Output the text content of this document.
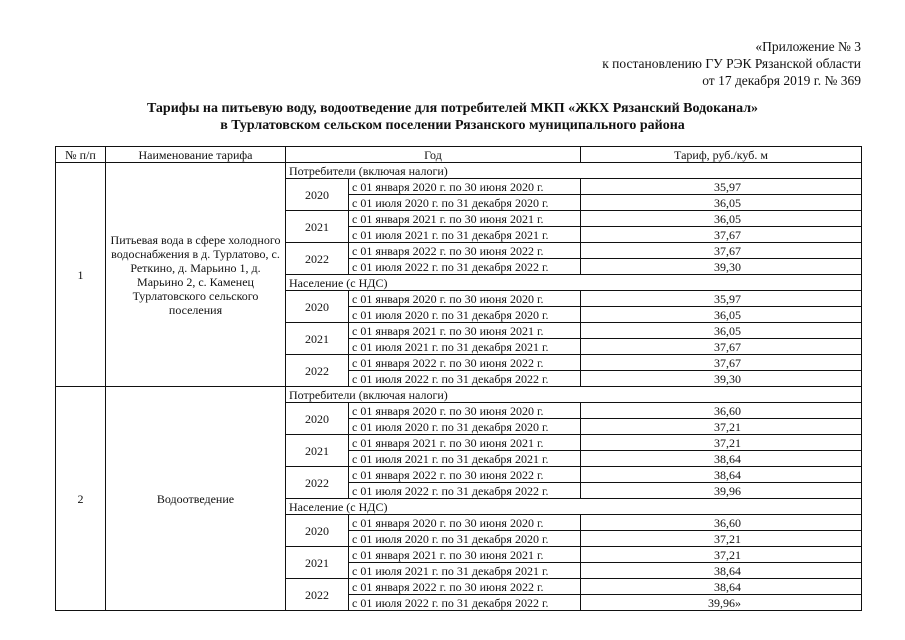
«Приложение № 3
к постановлению ГУ РЭК Рязанской области
от 17 декабря 2019 г. № 369
Тарифы на питьевую воду, водоотведение для потребителей МКП «ЖКХ Рязанский Водоканал»
в Турлатовском сельском поселении Рязанского муниципального района
№ п/п	Наименование тарифа	Год		Тариф, руб./куб. м
1	Питьевая вода в сфере холодного водоснабжения в д. Турлатово, с. Реткино, д. Марьино 1, д. Марьино 2, с. Каменец Турлатовского сельского поселения	Потребители (включая налоги)		
		2020	с 01 января 2020 г. по 30 июня 2020 г.	35,97
			с 01 июля 2020 г. по 31 декабря 2020 г.	36,05
		2021	с 01 января 2021 г. по 30 июня 2021 г.	36,05
			с 01 июля 2021 г. по 31 декабря 2021 г.	37,67
		2022	с 01 января 2022 г. по 30 июня 2022 г.	37,67
			с 01 июля 2022 г. по 31 декабря 2022 г.	39,30
		Население (с НДС)		
		2020	с 01 января 2020 г. по 30 июня 2020 г.	35,97
			с 01 июля 2020 г. по 31 декабря 2020 г.	36,05
		2021	с 01 января 2021 г. по 30 июня 2021 г.	36,05
			с 01 июля 2021 г. по 31 декабря 2021 г.	37,67
		2022	с 01 января 2022 г. по 30 июня 2022 г.	37,67
			с 01 июля 2022 г. по 31 декабря 2022 г.	39,30
2	Водоотведение	Потребители (включая налоги)		
		2020	с 01 января 2020 г. по 30 июня 2020 г.	36,60
			с 01 июля 2020 г. по 31 декабря 2020 г.	37,21
		2021	с 01 января 2021 г. по 30 июня 2021 г.	37,21
			с 01 июля 2021 г. по 31 декабря 2021 г.	38,64
		2022	с 01 января 2022 г. по 30 июня 2022 г.	38,64
			с 01 июля 2022 г. по 31 декабря 2022 г.	39,96
		Население (с НДС)		
		2020	с 01 января 2020 г. по 30 июня 2020 г.	36,60
			с 01 июля 2020 г. по 31 декабря 2020 г.	37,21
		2021	с 01 января 2021 г. по 30 июня 2021 г.	37,21
			с 01 июля 2021 г. по 31 декабря 2021 г.	38,64
		2022	с 01 января 2022 г. по 30 июня 2022 г.	38,64
			с 01 июля 2022 г. по 31 декабря 2022 г.	39,96»
